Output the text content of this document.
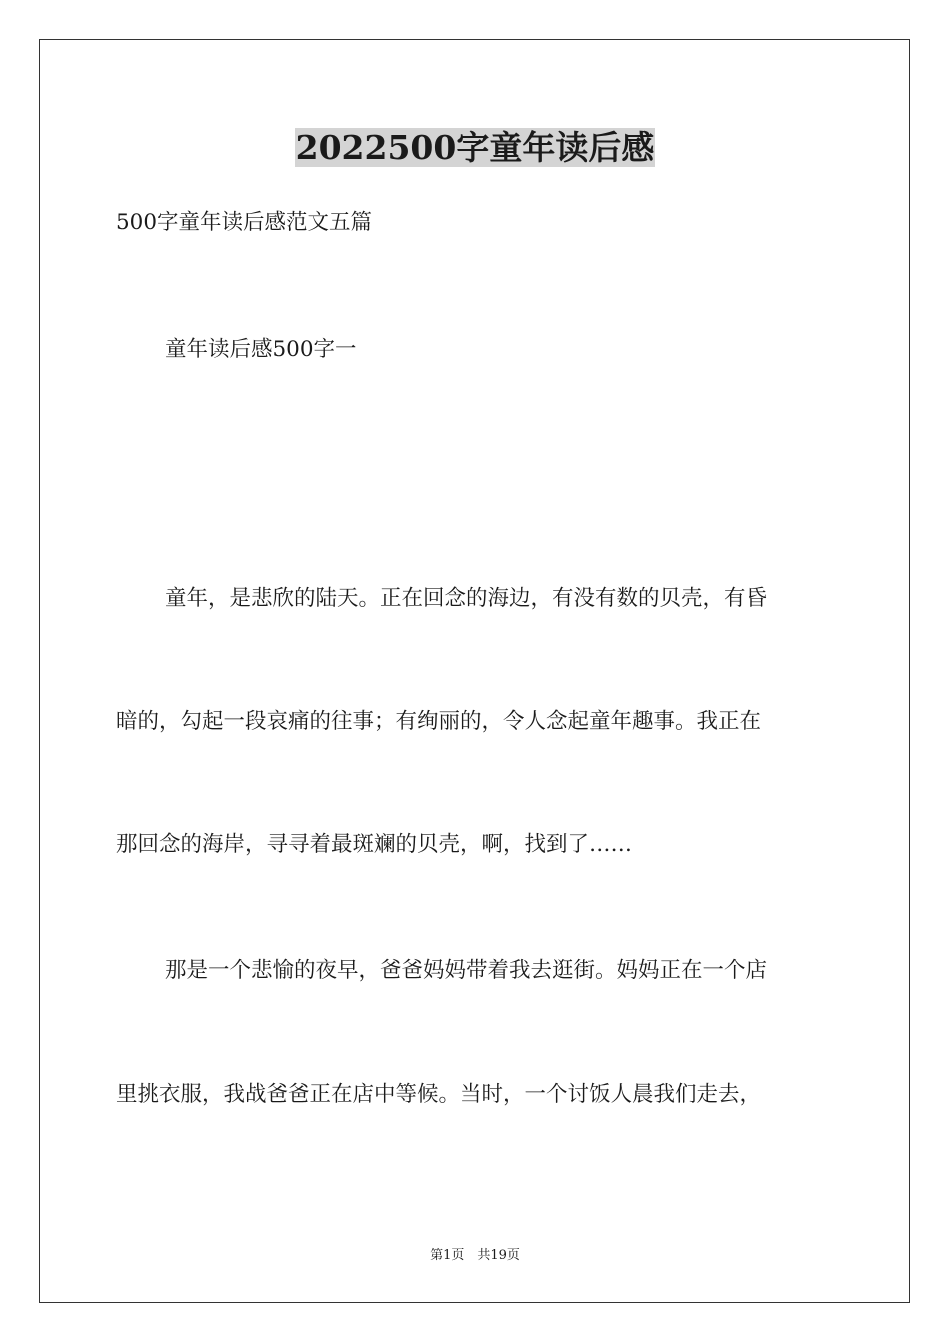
2022500字童年读后感

500字童年读后感范文五篇

童年读后感500字一

童年，是悲欣的陆天。正在回念的海边，有没有数的贝壳，有昏

暗的，勾起一段哀痛的往事；有绚丽的，令人念起童年趣事。我正在

那回念的海岸，寻寻着最斑斓的贝壳，啊，找到了……

那是一个悲愉的夜早，爸爸妈妈带着我去逛街。妈妈正在一个店

里挑衣服，我战爸爸正在店中等候。当时，一个讨饭人晨我们走去，

第1页　共19页
